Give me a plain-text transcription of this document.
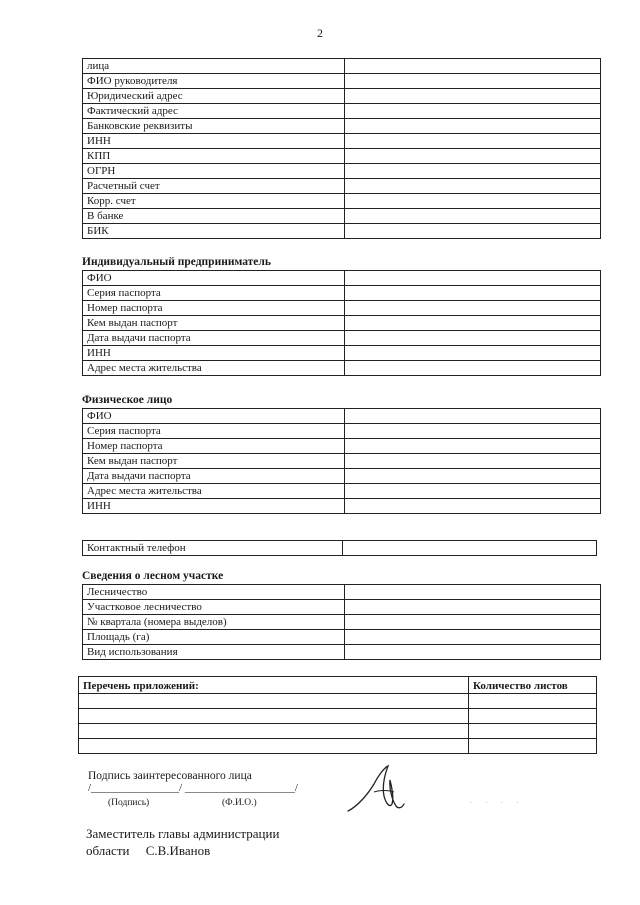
2
лица	
ФИО руководителя	
Юридический адрес	
Фактический адрес	
Банковские реквизиты	
ИНН	
КПП	
ОГРН	
Расчетный счет	
Корр. счет	
В банке	
БИК	
Индивидуальный предприниматель
ФИО	
Серия паспорта	
Номер паспорта	
Кем выдан паспорт	
Дата выдачи паспорта	
ИНН	
Адрес места жительства	
Физическое лицо
ФИО	
Серия паспорта	
Номер паспорта	
Кем выдан паспорт	
Дата выдачи паспорта	
Адрес места жительства	
ИНН	
Контактный телефон	
Сведения о лесном участке
Лесничество	
Участковое лесничество	
№ квартала (номера выделов)	
Площадь (га)	
Вид использования	
Перечень приложений:	Количество листов

Подпись заинтересованного лица
/________________/ ____________________/
(Подпись)	(Ф.И.О.)	. . . .
Заместитель главы администрации
области     С.В.Иванов
